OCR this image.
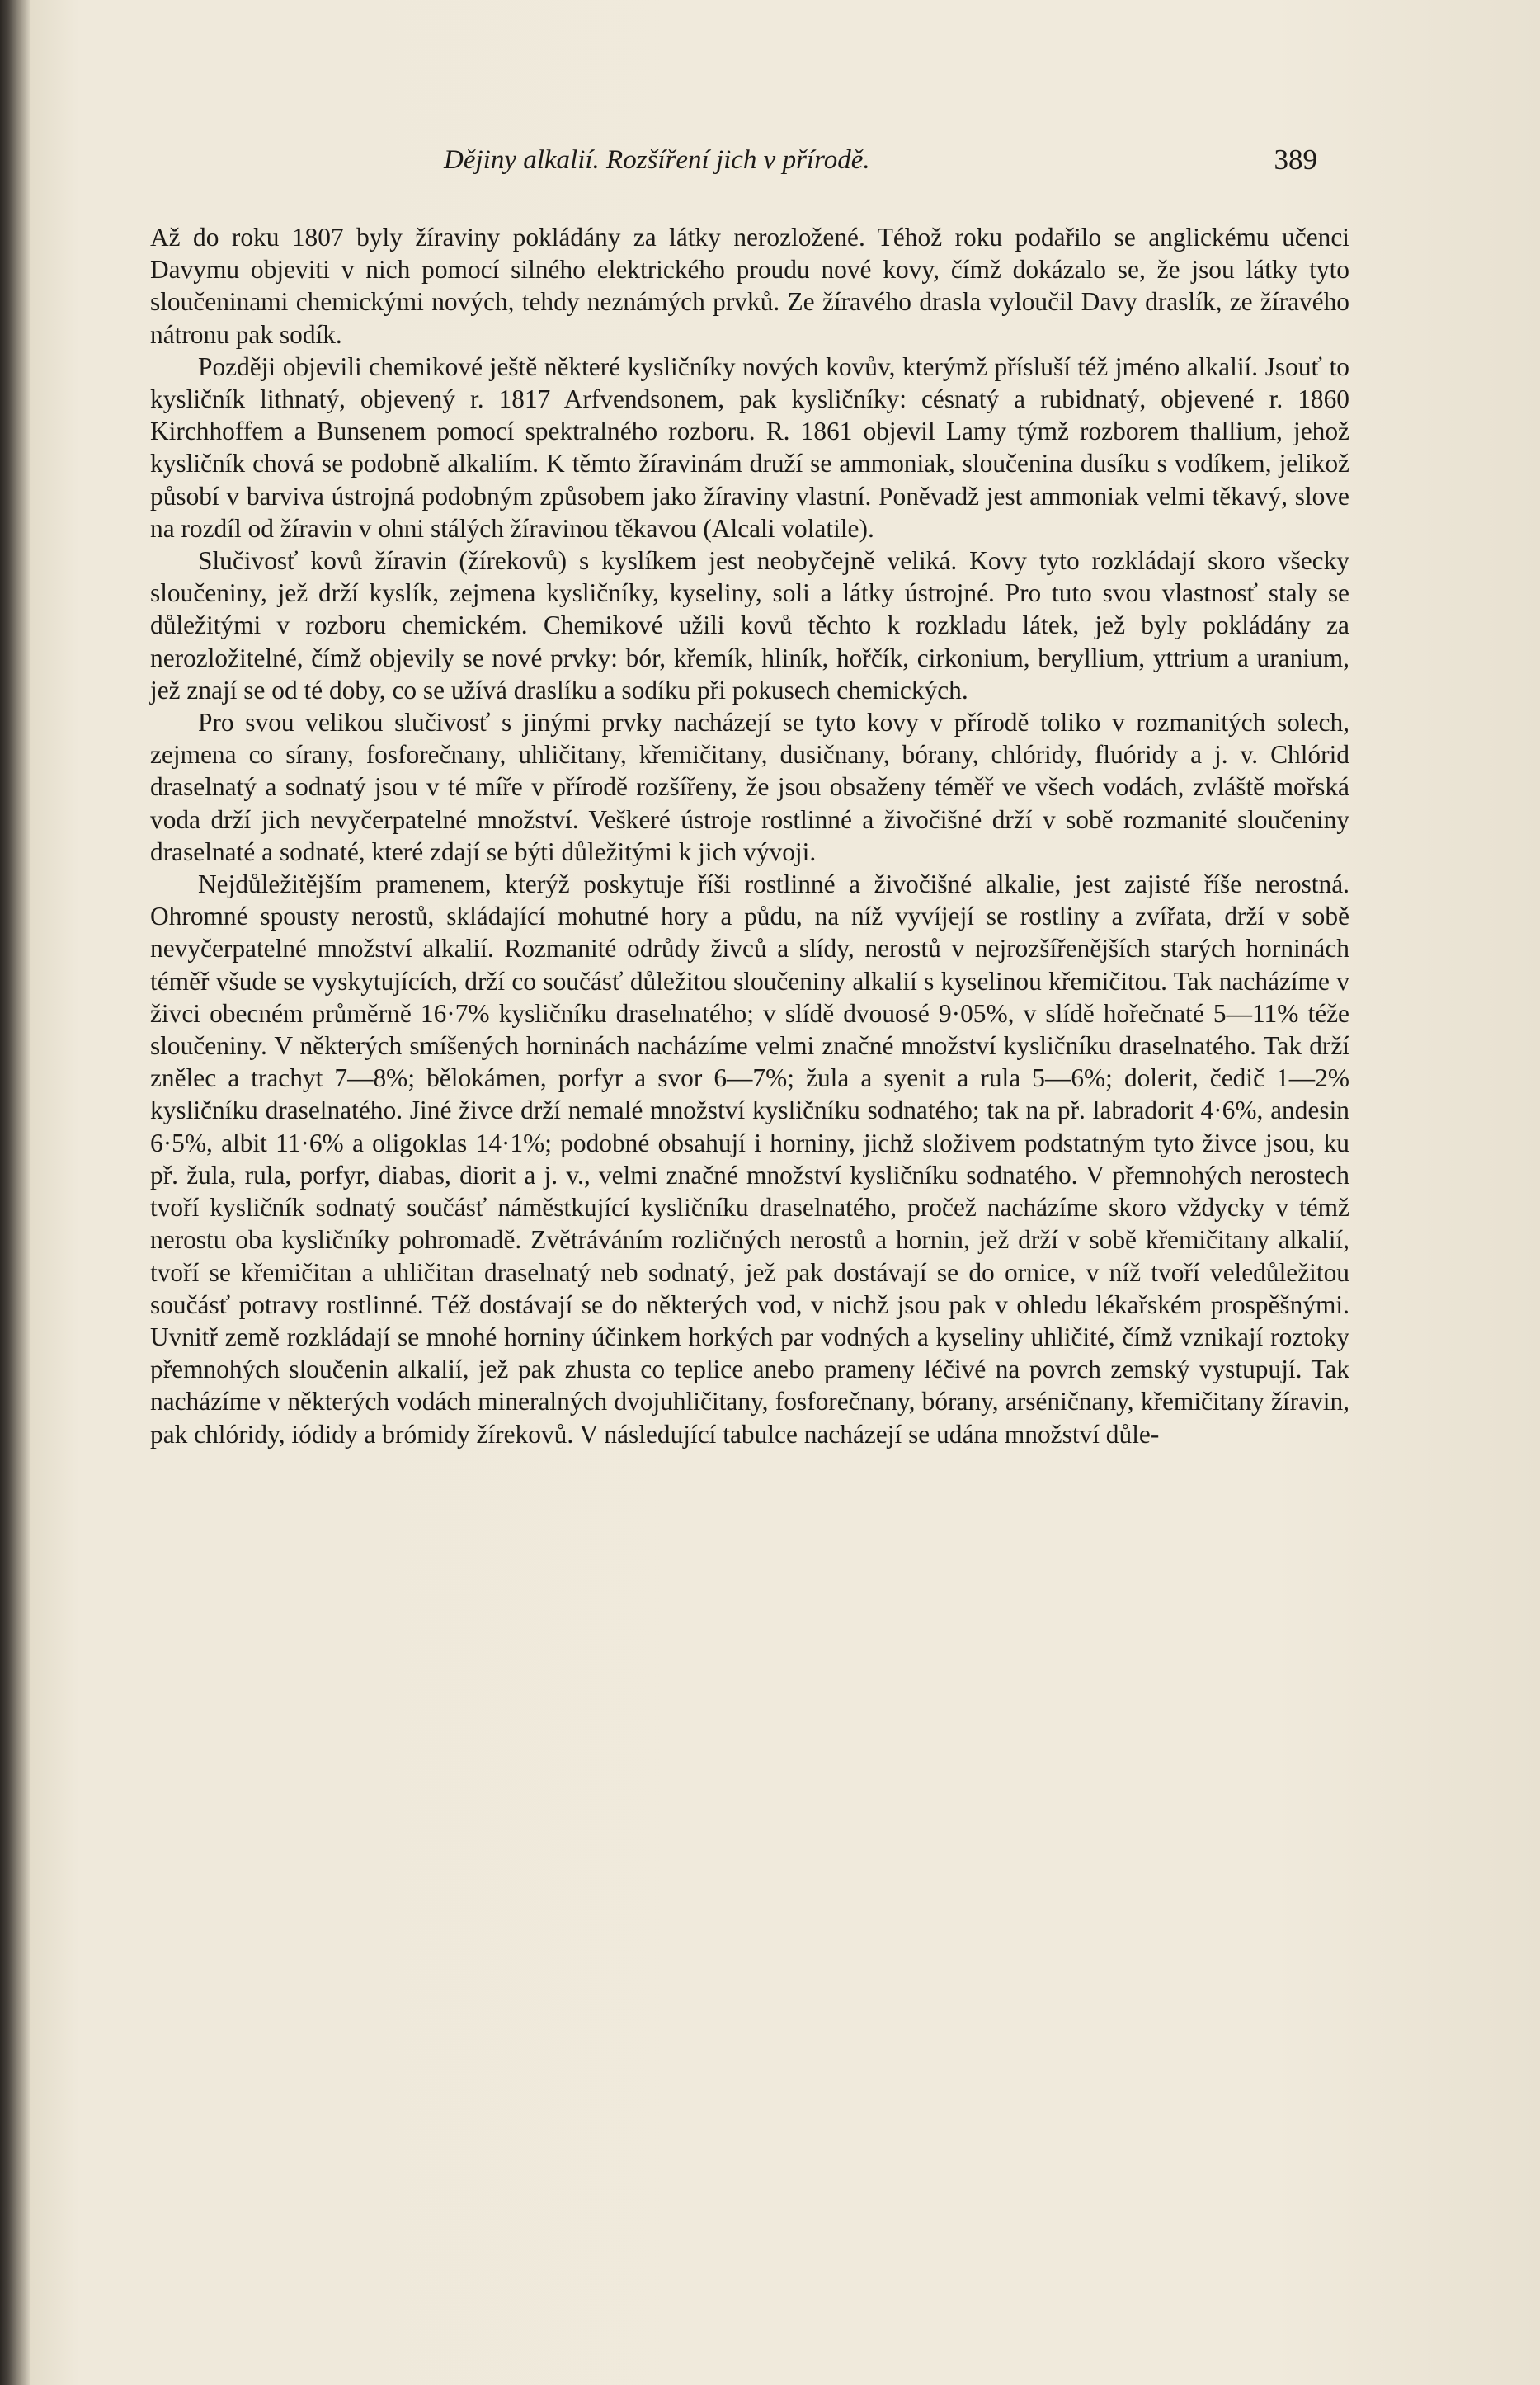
Dějiny alkalií. Rozšíření jich v přírodě.	389

Až do roku 1807 byly žíraviny pokládány za látky nerozložené. Téhož roku podařilo se anglickému učenci Davymu objeviti v nich pomocí silného elektrického proudu nové kovy, čímž dokázalo se, že jsou látky tyto sloučeninami chemickými nových, tehdy neznámých prvků. Ze žíravého drasla vyloučil Davy draslík, ze žíravého nátronu pak sodík.

Později objevili chemikové ještě některé kysličníky nových kovův, kterýmž přísluší též jméno alkalií. Jsouť to kysličník lithnatý, objevený r. 1817 Arfvendsonem, pak kysličníky: césnatý a rubidnatý, objevené r. 1860 Kirchhoffem a Bunsenem pomocí spektralného rozboru. R. 1861 objevil Lamy týmž rozborem thallium, jehož kysličník chová se podobně alkaliím. K těmto žíravinám druží se ammoniak, sloučenina dusíku s vodíkem, jelikož působí v barviva ústrojná podobným způsobem jako žíraviny vlastní. Poněvadž jest ammoniak velmi těkavý, slove na rozdíl od žíravin v ohni stálých žíravinou těkavou (Alcali volatile).

Slučivosť kovů žíravin (žírekovů) s kyslíkem jest neobyčejně veliká. Kovy tyto rozkládají skoro všecky sloučeniny, jež drží kyslík, zejmena kysličníky, kyseliny, soli a látky ústrojné. Pro tuto svou vlastnosť staly se důležitými v rozboru chemickém. Chemikové užili kovů těchto k rozkladu látek, jež byly pokládány za nerozložitelné, čímž objevily se nové prvky: bór, křemík, hliník, hořčík, cirkonium, beryllium, yttrium a uranium, jež znají se od té doby, co se užívá draslíku a sodíku při pokusech chemických.

Pro svou velikou slučivosť s jinými prvky nacházejí se tyto kovy v přírodě toliko v rozmanitých solech, zejmena co sírany, fosforečnany, uhličitany, křemičitany, dusičnany, bórany, chlóridy, fluóridy a j. v. Chlórid draselnatý a sodnatý jsou v té míře v přírodě rozšířeny, že jsou obsaženy téměř ve všech vodách, zvláště mořská voda drží jich nevyčerpatelné množství. Veškeré ústroje rostlinné a živočišné drží v sobě rozmanité sloučeniny draselnaté a sodnaté, které zdají se býti důležitými k jich vývoji.

Nejdůležitějším pramenem, kterýž poskytuje říši rostlinné a živočišné alkalie, jest zajisté říše nerostná. Ohromné spousty nerostů, skládající mohutné hory a půdu, na níž vyvíjejí se rostliny a zvířata, drží v sobě nevyčerpatelné množství alkalií. Rozmanité odrůdy živců a slídy, nerostů v nejrozšířenějších starých horninách téměř všude se vyskytujících, drží co součásť důležitou sloučeniny alkalií s kyselinou křemičitou. Tak nacházíme v živci obecném průměrně 16·7% kysličníku draselnatého; v slídě dvouosé 9·05%, v slídě hořečnaté 5—11% téže sloučeniny. V některých smíšených horninách nacházíme velmi značné množství kysličníku draselnatého. Tak drží znělec a trachyt 7—8%; bělokámen, porfyr a svor 6—7%; žula a syenit a rula 5—6%; dolerit, čedič 1—2% kysličníku draselnatého. Jiné živce drží nemalé množství kysličníku sodnatého; tak na př. labradorit 4·6%, andesin 6·5%, albit 11·6% a oligoklas 14·1%; podobné obsahují i horniny, jichž složivem podstatným tyto živce jsou, ku př. žula, rula, porfyr, diabas, diorit a j. v., velmi značné množství kysličníku sodnatého. V přemnohých nerostech tvoří kysličník sodnatý součásť náměstkující kysličníku draselnatého, pročež nacházíme skoro vždycky v témž nerostu oba kysličníky pohromadě. Zvětráváním rozličných nerostů a hornin, jež drží v sobě křemičitany alkalií, tvoří se křemičitan a uhličitan draselnatý neb sodnatý, jež pak dostávají se do ornice, v níž tvoří veledůležitou součásť potravy rostlinné. Též dostávají se do některých vod, v nichž jsou pak v ohledu lékařském prospěšnými. Uvnitř země rozkládají se mnohé horniny účinkem horkých par vodných a kyseliny uhličité, čímž vznikají roztoky přemnohých sloučenin alkalií, jež pak zhusta co teplice anebo prameny léčivé na povrch zemský vystupují. Tak nacházíme v některých vodách mineralných dvojuhličitany, fosforečnany, bórany, arséničnany, křemičitany žíravin, pak chlóridy, iódidy a brómidy žírekovů. V následující tabulce nacházejí se udána množství důle-
